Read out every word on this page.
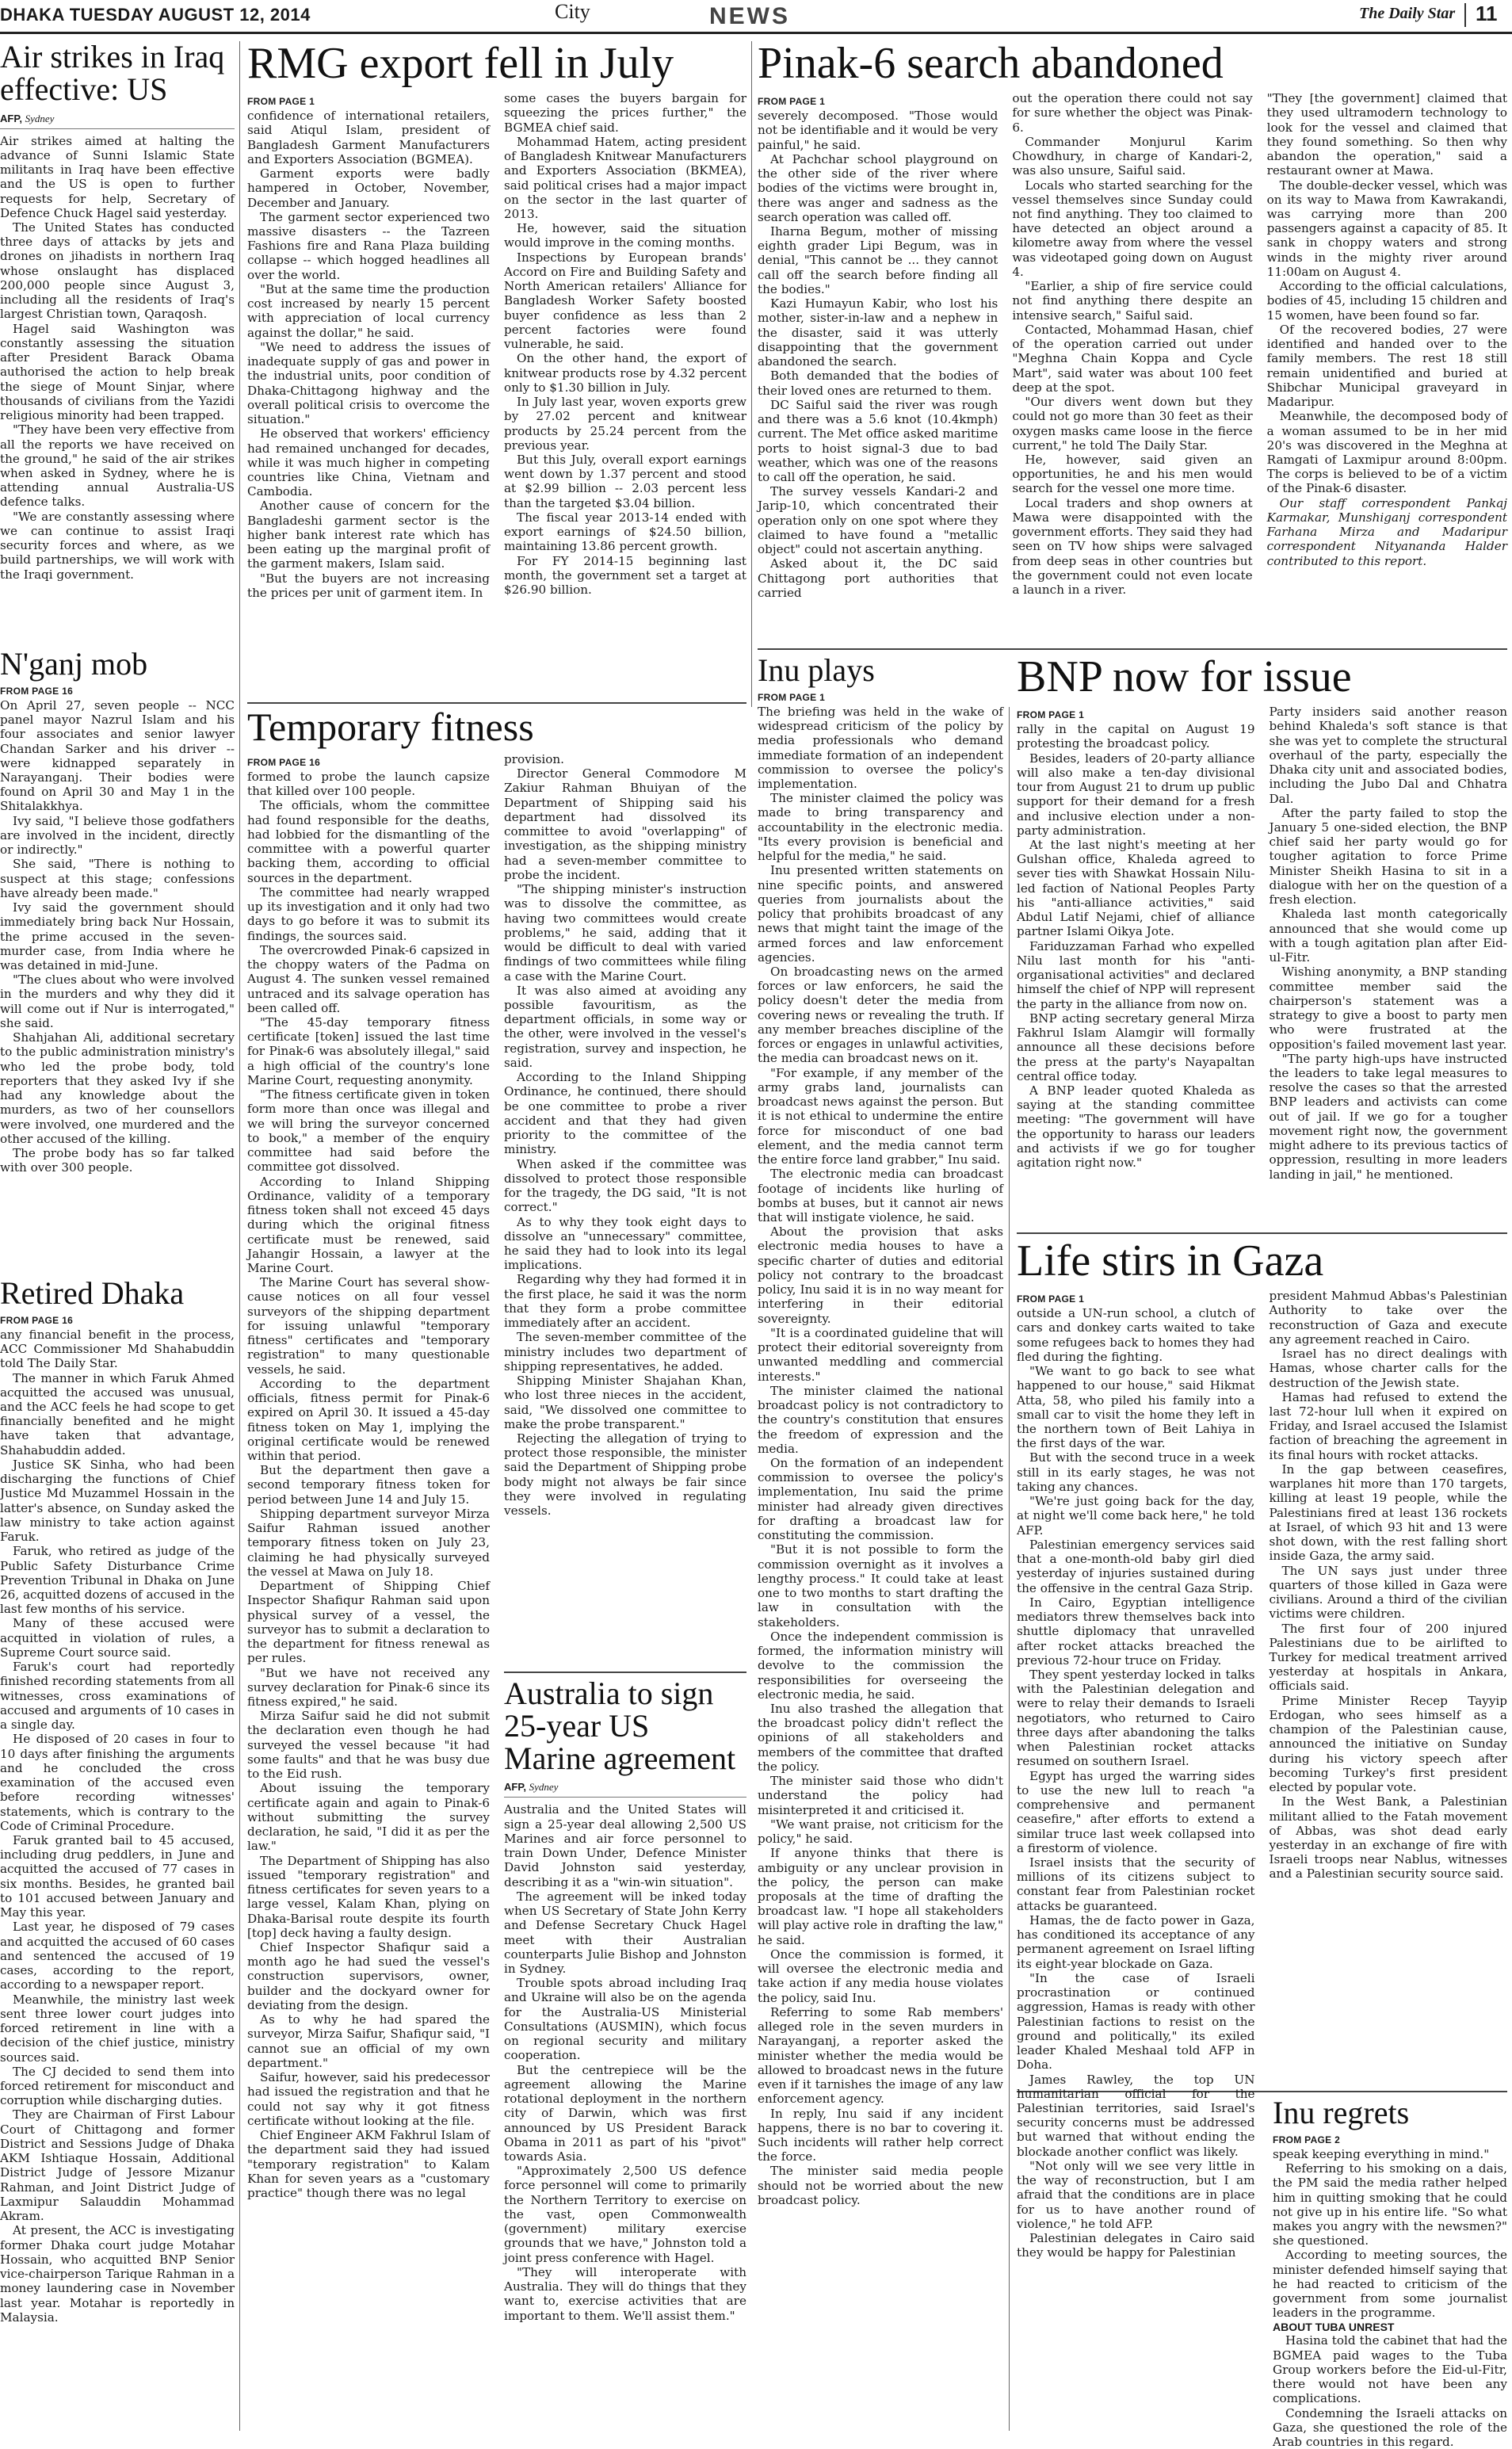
DHAKA TUESDAY AUGUST 12, 2014	City	NEWS	The Daily Star 11
Air strikes in Iraq effective: US
AFP, Sydney

Air strikes aimed at halting the advance of Sunni Islamic State militants in Iraq have been effective and the US is open to further requests for help, Secretary of Defence Chuck Hagel said yesterday.

The United States has conducted three days of attacks by jets and drones on jihadists in northern Iraq whose onslaught has displaced 200,000 people since August 3, including all the residents of Iraq's largest Christian town, Qaraqosh.

Hagel said Washington was constantly assessing the situation after President Barack Obama authorised the action to help break the siege of Mount Sinjar, where thousands of civilians from the Yazidi religious minority had been trapped.

"They have been very effective from all the reports we have received on the ground," he said of the air strikes when asked in Sydney, where he is attending annual Australia-US defence talks.

"We are constantly assessing where we can continue to assist Iraqi security forces and where, as we build partnerships, we will work with the Iraqi government.

N'ganj mob
FROM PAGE 16

On April 27, seven people -- NCC panel mayor Nazrul Islam and his four associates and senior lawyer Chandan Sarker and his driver -- were kidnapped separately in Narayanganj. Their bodies were found on April 30 and May 1 in the Shitalakkhya.

Ivy said, "I believe those godfathers are involved in the incident, directly or indirectly."

She said, "There is nothing to suspect at this stage; confessions have already been made."

Ivy said the government should immediately bring back Nur Hossain, the prime accused in the seven-murder case, from India where he was detained in mid-June.

"The clues about who were involved in the murders and why they did it will come out if Nur is interrogated," she said.

Shahjahan Ali, additional secretary to the public administration ministry's who led the probe body, told reporters that they asked Ivy if she had any knowledge about the murders, as two of her counsellors were involved, one murdered and the other accused of the killing.

The probe body has so far talked with over 300 people.

Retired Dhaka
FROM PAGE 16

any financial benefit in the process, ACC Commissioner Md Shahabuddin told The Daily Star.

The manner in which Faruk Ahmed acquitted the accused was unusual, and the ACC feels he had scope to get financially benefited and he might have taken that advantage, Shahabuddin added.

Justice SK Sinha, who had been discharging the functions of Chief Justice Md Muzammel Hossain in the latter's absence, on Sunday asked the law ministry to take action against Faruk.

Faruk, who retired as judge of the Public Safety Disturbance Crime Prevention Tribunal in Dhaka on June 26, acquitted dozens of accused in the last few months of his service.

Many of these accused were acquitted in violation of rules, a Supreme Court source said.

Faruk's court had reportedly finished recording statements from all witnesses, cross examinations of accused and arguments of 10 cases in a single day.

He disposed of 20 cases in four to 10 days after finishing the arguments and he concluded the cross examination of the accused even before recording witnesses' statements, which is contrary to the Code of Criminal Procedure.

Faruk granted bail to 45 accused, including drug peddlers, in June and acquitted the accused of 77 cases in six months. Besides, he granted bail to 101 accused between January and May this year.

Last year, he disposed of 79 cases and acquitted the accused of 60 cases and sentenced the accused of 19 cases, according to the report, according to a newspaper report.

Meanwhile, the ministry last week sent three lower court judges into forced retirement in line with a decision of the chief justice, ministry sources said.

The CJ decided to send them into forced retirement for misconduct and corruption while discharging duties.

They are Chairman of First Labour Court of Chittagong and former District and Sessions Judge of Dhaka AKM Ishtiaque Hossain, Additional District Judge of Jessore Mizanur Rahman, and Joint District Judge of Laxmipur Salauddin Mohammad Akram.

At present, the ACC is investigating former Dhaka court judge Motahar Hossain, who acquitted BNP Senior vice-chairperson Tarique Rahman in a money laundering case in November last year. Motahar is reportedly in Malaysia.

RMG export fell in July
FROM PAGE 1

confidence of international retailers, said Atiqul Islam, president of Bangladesh Garment Manufacturers and Exporters Association (BGMEA).

Garment exports were badly hampered in October, November, December and January.

The garment sector experienced two massive disasters -- the Tazreen Fashions fire and Rana Plaza building collapse -- which hogged headlines all over the world.

"But at the same time the production cost increased by nearly 15 percent with appreciation of local currency against the dollar," he said.

"We need to address the issues of inadequate supply of gas and power in the industrial units, poor condition of Dhaka-Chittagong highway and the overall political crisis to overcome the situation."

He observed that workers' efficiency had remained unchanged for decades, while it was much higher in competing countries like China, Vietnam and Cambodia.

Another cause of concern for the Bangladeshi garment sector is the higher bank interest rate which has been eating up the marginal profit of the garment makers, Islam said.

"But the buyers are not increasing the prices per unit of garment item. In

some cases the buyers bargain for squeezing the prices further," the BGMEA chief said.

Mohammad Hatem, acting president of Bangladesh Knitwear Manufacturers and Exporters Association (BKMEA), said political crises had a major impact on the sector in the last quarter of 2013.

He, however, said the situation would improve in the coming months.

Inspections by European brands' Accord on Fire and Building Safety and North American retailers' Alliance for Bangladesh Worker Safety boosted buyer confidence as less than 2 percent factories were found vulnerable, he said.

On the other hand, the export of knitwear products rose by 4.32 percent only to $1.30 billion in July.

In July last year, woven exports grew by 27.02 percent and knitwear products by 25.24 percent from the previous year.

But this July, overall export earnings went down by 1.37 percent and stood at $2.99 billion -- 2.03 percent less than the targeted $3.04 billion.

The fiscal year 2013-14 ended with export earnings of $24.50 billion, maintaining 13.86 percent growth.

For FY 2014-15 beginning last month, the government set a target at $26.90 billion.

Pinak-6 search abandoned
FROM PAGE 1

severely decomposed. "Those would not be identifiable and it would be very painful," he said.

At Pachchar school playground on the other side of the river where bodies of the victims were brought in, there was anger and sadness as the search operation was called off.

Iharna Begum, mother of missing eighth grader Lipi Begum, was in denial, "This cannot be ... they cannot call off the search before finding all the bodies."

Kazi Humayun Kabir, who lost his mother, sister-in-law and a nephew in the disaster, said it was utterly disappointing that the government abandoned the search.

Both demanded that the bodies of their loved ones are returned to them.

DC Saiful said the river was rough and there was a 5.6 knot (10.4kmph) current. The Met office asked maritime ports to hoist signal-3 due to bad weather, which was one of the reasons to call off the operation, he said.

The survey vessels Kandari-2 and Jarip-10, which concentrated their operation only on one spot where they claimed to have found a "metallic object" could not ascertain anything.

Asked about it, the DC said Chittagong port authorities that carried

out the operation there could not say for sure whether the object was Pinak-6.

Commander Monjurul Karim Chowdhury, in charge of Kandari-2, was also unsure, Saiful said.

Locals who started searching for the vessel themselves since Sunday could not find anything. They too claimed to have detected an object around a kilometre away from where the vessel was videotaped going down on August 4.

"Earlier, a ship of fire service could not find anything there despite an intensive search," Saiful said.

Contacted, Mohammad Hasan, chief of the operation carried out under "Meghna Chain Koppa and Cycle Mart", said water was about 100 feet deep at the spot.

"Our divers went down but they could not go more than 30 feet as their oxygen masks came loose in the fierce current," he told The Daily Star.

He, however, said given an opportunities, he and his men would search for the vessel one more time.

Local traders and shop owners at Mawa were disappointed with the government efforts. They said they had seen on TV how ships were salvaged from deep seas in other countries but the government could not even locate a launch in a river.

"They [the government] claimed that they used ultramodern technology to look for the vessel and claimed that they found something. So then why abandon the operation," said a restaurant owner at Mawa.

The double-decker vessel, which was on its way to Mawa from Kawrakandi, was carrying more than 200 passengers against a capacity of 85. It sank in choppy waters and strong winds in the mighty river around 11:00am on August 4.

According to the official calculations, bodies of 45, including 15 children and 15 women, have been found so far.

Of the recovered bodies, 27 were identified and handed over to the family members. The rest 18 still remain unidentified and buried at Shibchar Municipal graveyard in Madaripur.

Meanwhile, the decomposed body of a woman assumed to be in her mid 20's was discovered in the Meghna at Ramgati of Laxmipur around 8:00pm. The corps is believed to be of a victim of the Pinak-6 disaster.

Our staff correspondent Pankaj Karmakar, Munshiganj correspondent Farhana Mirza and Madaripur correspondent Nityananda Halder contributed to this report.

Temporary fitness
FROM PAGE 16

formed to probe the launch capsize that killed over 100 people.

The officials, whom the committee had found responsible for the deaths, had lobbied for the dismantling of the committee with a powerful quarter backing them, according to official sources in the department.

The committee had nearly wrapped up its investigation and it only had two days to go before it was to submit its findings, the sources said.

The overcrowded Pinak-6 capsized in the choppy waters of the Padma on August 4. The sunken vessel remained untraced and its salvage operation has been called off.

"The 45-day temporary fitness certificate [token] issued the last time for Pinak-6 was absolutely illegal," said a high official of the country's lone Marine Court, requesting anonymity.

"The fitness certificate given in token form more than once was illegal and we will bring the surveyor concerned to book," a member of the enquiry committee had said before the committee got dissolved.

According to Inland Shipping Ordinance, validity of a temporary fitness token shall not exceed 45 days during which the original fitness certificate must be renewed, said Jahangir Hossain, a lawyer at the Marine Court.

The Marine Court has several show-cause notices on all four vessel surveyors of the shipping department for issuing unlawful "temporary fitness" certificates and "temporary registration" to many questionable vessels, he said.

According to the department officials, fitness permit for Pinak-6 expired on April 30. It issued a 45-day fitness token on May 1, implying the original certificate would be renewed within that period.

But the department then gave a second temporary fitness token for period between June 14 and July 15.

Shipping department surveyor Mirza Saifur Rahman issued another temporary fitness token on July 23, claiming he had physically surveyed the vessel at Mawa on July 18.

Department of Shipping Chief Inspector Shafiqur Rahman said upon physical survey of a vessel, the surveyor has to submit a declaration to the department for fitness renewal as per rules.

"But we have not received any survey declaration for Pinak-6 since its fitness expired," he said.

Mirza Saifur said he did not submit the declaration even though he had surveyed the vessel because "it had some faults" and that he was busy due to the Eid rush.

About issuing the temporary certificate again and again to Pinak-6 without submitting the survey declaration, he said, "I did it as per the law."

The Department of Shipping has also issued "temporary registration" and fitness certificates for seven years to a large vessel, Kalam Khan, plying on Dhaka-Barisal route despite its fourth [top] deck having a faulty design.

Chief Inspector Shafiqur said a month ago he had sued the vessel's construction supervisors, owner, builder and the dockyard owner for deviating from the design.

As to why he had spared the surveyor, Mirza Saifur, Shafiqur said, "I cannot sue an official of my own department."

Saifur, however, said his predecessor had issued the registration and that he could not say why it got fitness certificate without looking at the file.

Chief Engineer AKM Fakhrul Islam of the department said they had issued "temporary registration" to Kalam Khan for seven years as a "customary practice" though there was no legal

provision.

Director General Commodore M Zakiur Rahman Bhuiyan of the Department of Shipping said his department had dissolved its committee to avoid "overlapping" of investigation, as the shipping ministry had a seven-member committee to probe the incident.

"The shipping minister's instruction was to dissolve the committee, as having two committees would create problems," he said, adding that it would be difficult to deal with varied findings of two committees while filing a case with the Marine Court.

It was also aimed at avoiding any possible favouritism, as the department officials, in some way or the other, were involved in the vessel's registration, survey and inspection, he said.

According to the Inland Shipping Ordinance, he continued, there should be one committee to probe a river accident and that they had given priority to the committee of the ministry.

When asked if the committee was dissolved to protect those responsible for the tragedy, the DG said, "It is not correct."

As to why they took eight days to dissolve an "unnecessary" committee, he said they had to look into its legal implications.

Regarding why they had formed it in the first place, he said it was the norm that they form a probe committee immediately after an accident.

The seven-member committee of the ministry includes two department of shipping representatives, he added.

Shipping Minister Shajahan Khan, who lost three nieces in the accident, said, "We dissolved one committee to make the probe transparent."

Rejecting the allegation of trying to protect those responsible, the minister said the Department of Shipping probe body might not always be fair since they were involved in regulating vessels.

Australia to sign 25-year US Marine agreement
AFP, Sydney

Australia and the United States will sign a 25-year deal allowing 2,500 US Marines and air force personnel to train Down Under, Defence Minister David Johnston said yesterday, describing it as a "win-win situation".

The agreement will be inked today when US Secretary of State John Kerry and Defense Secretary Chuck Hagel meet with their Australian counterparts Julie Bishop and Johnston in Sydney.

Trouble spots abroad including Iraq and Ukraine will also be on the agenda for the Australia-US Ministerial Consultations (AUSMIN), which focus on regional security and military cooperation.

But the centrepiece will be the agreement allowing the Marine rotational deployment in the northern city of Darwin, which was first announced by US President Barack Obama in 2011 as part of his "pivot" towards Asia.

"Approximately 2,500 US defence force personnel will come to primarily the Northern Territory to exercise on the vast, open Commonwealth (government) military exercise grounds that we have," Johnston told a joint press conference with Hagel.

"They will interoperate with Australia. They will do things that they want to, exercise activities that are important to them. We'll assist them."

Inu plays
FROM PAGE 1

The briefing was held in the wake of widespread criticism of the policy by media professionals who demand immediate formation of an independent commission to oversee the policy's implementation.

The minister claimed the policy was made to bring transparency and accountability in the electronic media. "Its every provision is beneficial and helpful for the media," he said.

Inu presented written statements on nine specific points, and answered queries from journalists about the policy that prohibits broadcast of any news that might taint the image of the armed forces and law enforcement agencies.

On broadcasting news on the armed forces or law enforcers, he said the policy doesn't deter the media from covering news or revealing the truth. If any member breaches discipline of the forces or engages in unlawful activities, the media can broadcast news on it.

"For example, if any member of the army grabs land, journalists can broadcast news against the person. But it is not ethical to undermine the entire force for misconduct of one bad element, and the media cannot term the entire force land grabber," Inu said.

The electronic media can broadcast footage of incidents like hurling of bombs at buses, but it cannot air news that will instigate violence, he said.

About the provision that asks electronic media houses to have a specific charter of duties and editorial policy not contrary to the broadcast policy, Inu said it is in no way meant for interfering in their editorial sovereignty.

"It is a coordinated guideline that will protect their editorial sovereignty from unwanted meddling and commercial interests."

The minister claimed the national broadcast policy is not contradictory to the country's constitution that ensures the freedom of expression and the media.

On the formation of an independent commission to oversee the policy's implementation, Inu said the prime minister had already given directives for drafting a broadcast law for constituting the commission.

"But it is not possible to form the commission overnight as it involves a lengthy process." It could take at least one to two months to start drafting the law in consultation with the stakeholders.

Once the independent commission is formed, the information ministry will devolve to the commission the responsibilities for overseeing the electronic media, he said.

Inu also trashed the allegation that the broadcast policy didn't reflect the opinions of all stakeholders and members of the committee that drafted the policy.

The minister said those who didn't understand the policy had misinterpreted it and criticised it.

"We want praise, not criticism for the policy," he said.

If anyone thinks that there is ambiguity or any unclear provision in the policy, the person can make proposals at the time of drafting the broadcast law. "I hope all stakeholders will play active role in drafting the law," he said.

Once the commission is formed, it will oversee the electronic media and take action if any media house violates the policy, said Inu.

Referring to some Rab members' alleged role in the seven murders in Narayanganj, a reporter asked the minister whether the media would be allowed to broadcast news in the future even if it tarnishes the image of any law enforcement agency.

In reply, Inu said if any incident happens, there is no bar to covering it. Such incidents will rather help correct the force.

The minister said media people should not be worried about the new broadcast policy.

BNP now for issue
FROM PAGE 1

rally in the capital on August 19 protesting the broadcast policy.

Besides, leaders of 20-party alliance will also make a ten-day divisional tour from August 21 to drum up public support for their demand for a fresh and inclusive election under a non-party administration.

At the last night's meeting at her Gulshan office, Khaleda agreed to sever ties with Shawkat Hossain Nilu-led faction of National Peoples Party his "anti-alliance activities," said Abdul Latif Nejami, chief of alliance partner Islami Oikya Jote.

Fariduzzaman Farhad who expelled Nilu last month for his "anti-organisational activities" and declared himself the chief of NPP will represent the party in the alliance from now on.

BNP acting secretary general Mirza Fakhrul Islam Alamgir will formally announce all these decisions before the press at the party's Nayapaltan central office today.

A BNP leader quoted Khaleda as saying at the standing committee meeting: "The government will have the opportunity to harass our leaders and activists if we go for tougher agitation right now."

Party insiders said another reason behind Khaleda's soft stance is that she was yet to complete the structural overhaul of the party, especially the Dhaka city unit and associated bodies, including the Jubo Dal and Chhatra Dal.

After the party failed to stop the January 5 one-sided election, the BNP chief said her party would go for tougher agitation to force Prime Minister Sheikh Hasina to sit in a dialogue with her on the question of a fresh election.

Khaleda last month categorically announced that she would come up with a tough agitation plan after Eid-ul-Fitr.

Wishing anonymity, a BNP standing committee member said the chairperson's statement was a strategy to give a boost to party men who were frustrated at the opposition's failed movement last year.

"The party high-ups have instructed the leaders to take legal measures to resolve the cases so that the arrested BNP leaders and activists can come out of jail. If we go for a tougher movement right now, the government might adhere to its previous tactics of oppression, resulting in more leaders landing in jail," he mentioned.

Life stirs in Gaza
FROM PAGE 1

outside a UN-run school, a clutch of cars and donkey carts waited to take some refugees back to homes they had fled during the fighting.

"We want to go back to see what happened to our house," said Hikmat Atta, 58, who piled his family into a small car to visit the home they left in the northern town of Beit Lahiya in the first days of the war.

But with the second truce in a week still in its early stages, he was not taking any chances.

"We're just going back for the day, at night we'll come back here," he told AFP.

Palestinian emergency services said that a one-month-old baby girl died yesterday of injuries sustained during the offensive in the central Gaza Strip.

In Cairo, Egyptian intelligence mediators threw themselves back into shuttle diplomacy that unravelled after rocket attacks breached the previous 72-hour truce on Friday.

They spent yesterday locked in talks with the Palestinian delegation and were to relay their demands to Israeli negotiators, who returned to Cairo three days after abandoning the talks when Palestinian rocket attacks resumed on southern Israel.

Egypt has urged the warring sides to use the new lull to reach "a comprehensive and permanent ceasefire," after efforts to extend a similar truce last week collapsed into a firestorm of violence.

Israel insists that the security of millions of its citizens subject to constant fear from Palestinian rocket attacks be guaranteed.

Hamas, the de facto power in Gaza, has conditioned its acceptance of any permanent agreement on Israel lifting its eight-year blockade on Gaza.

"In the case of Israeli procrastination or continued aggression, Hamas is ready with other Palestinian factions to resist on the ground and politically," its exiled leader Khaled Meshaal told AFP in Doha.

James Rawley, the top UN humanitarian official for the Palestinian territories, said Israel's security concerns must be addressed but warned that without ending the blockade another conflict was likely.

"Not only will we see very little in the way of reconstruction, but I am afraid that the conditions are in place for us to have another round of violence," he told AFP.

Palestinian delegates in Cairo said they would be happy for Palestinian

president Mahmud Abbas's Palestinian Authority to take over the reconstruction of Gaza and execute any agreement reached in Cairo.

Israel has no direct dealings with Hamas, whose charter calls for the destruction of the Jewish state.

Hamas had refused to extend the last 72-hour lull when it expired on Friday, and Israel accused the Islamist faction of breaching the agreement in its final hours with rocket attacks.

In the gap between ceasefires, warplanes hit more than 170 targets, killing at least 19 people, while the Palestinians fired at least 136 rockets at Israel, of which 93 hit and 13 were shot down, with the rest falling short inside Gaza, the army said.

The UN says just under three quarters of those killed in Gaza were civilians. Around a third of the civilian victims were children.

The first four of 200 injured Palestinians due to be airlifted to Turkey for medical treatment arrived yesterday at hospitals in Ankara, officials said.

Prime Minister Recep Tayyip Erdogan, who sees himself as a champion of the Palestinian cause, announced the initiative on Sunday during his victory speech after becoming Turkey's first president elected by popular vote.

In the West Bank, a Palestinian militant allied to the Fatah movement of Abbas, was shot dead early yesterday in an exchange of fire with Israeli troops near Nablus, witnesses and a Palestinian security source said.

Inu regrets
FROM PAGE 2

speak keeping everything in mind."

Referring to his smoking on a dais, the PM said the media rather helped him in quitting smoking that he could not give up in his entire life. "So what makes you angry with the newsmen?" she questioned.

According to meeting sources, the minister defended himself saying that he had reacted to criticism of the government from some journalist leaders in the programme.

ABOUT TUBA UNREST

Hasina told the cabinet that had the BGMEA paid wages to the Tuba Group workers before the Eid-ul-Fitr, there would not have been any complications.

Condemning the Israeli attacks on Gaza, she questioned the role of the Arab countries in this regard.
